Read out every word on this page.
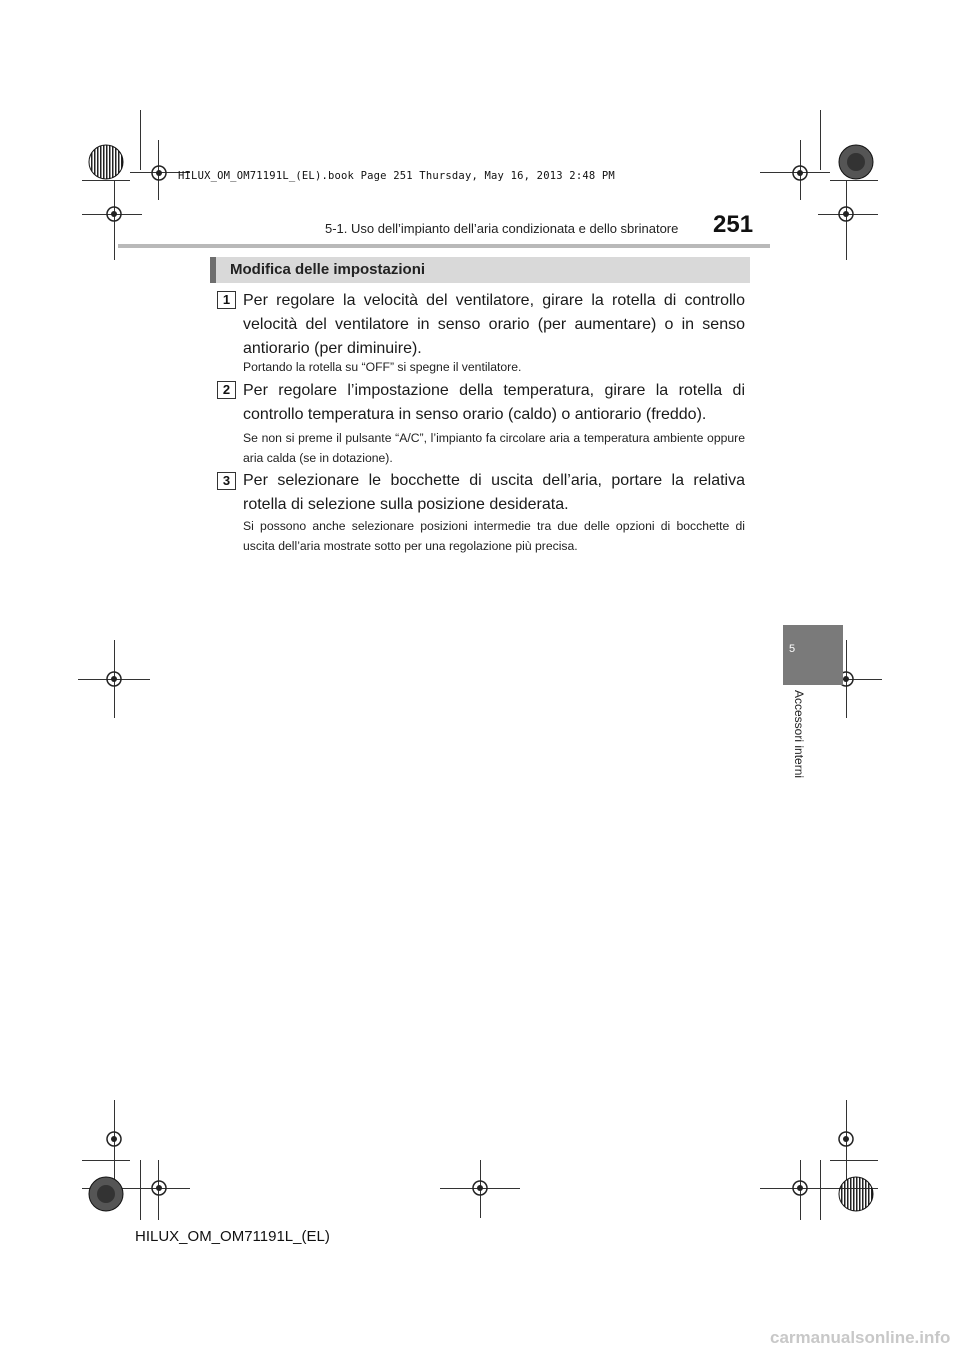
HILUX_OM_OM71191L_(EL).book Page 251 Thursday, May 16, 2013 2:48 PM
5-1. Uso dell’impianto dell’aria condizionata e dello sbrinatore 251
Modifica delle impostazioni
1 Per regolare la velocità del ventilatore, girare la rotella di controllo velocità del ventilatore in senso orario (per aumentare) o in senso antiorario (per diminuire).
Portando la rotella su “OFF” si spegne il ventilatore.
2 Per regolare l’impostazione della temperatura, girare la rotella di controllo temperatura in senso orario (caldo) o antiorario (freddo).
Se non si preme il pulsante “A/C”, l’impianto fa circolare aria a temperatura ambiente oppure aria calda (se in dotazione).
3 Per selezionare le bocchette di uscita dell’aria, portare la relativa rotella di selezione sulla posizione desiderata.
Si possono anche selezionare posizioni intermedie tra due delle opzioni di bocchette di uscita dell’aria mostrate sotto per una regolazione più precisa.
5
Accessori interni
HILUX_OM_OM71191L_(EL)
carmanualsonline.info
